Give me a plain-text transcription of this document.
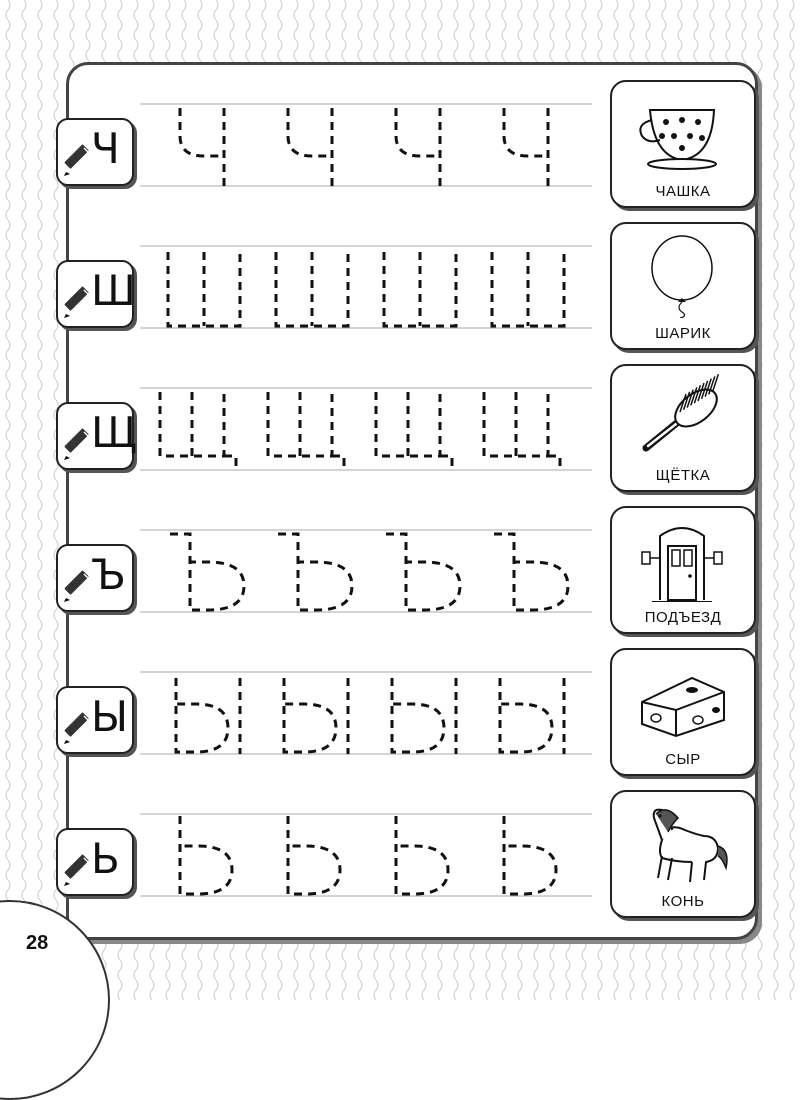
Ч
ЧАШКА
Ш
ШАРИК
Щ
ЩЁТКА
Ъ
ПОДЪЕЗД
Ы
СЫР
Ь
КОНЬ
28
